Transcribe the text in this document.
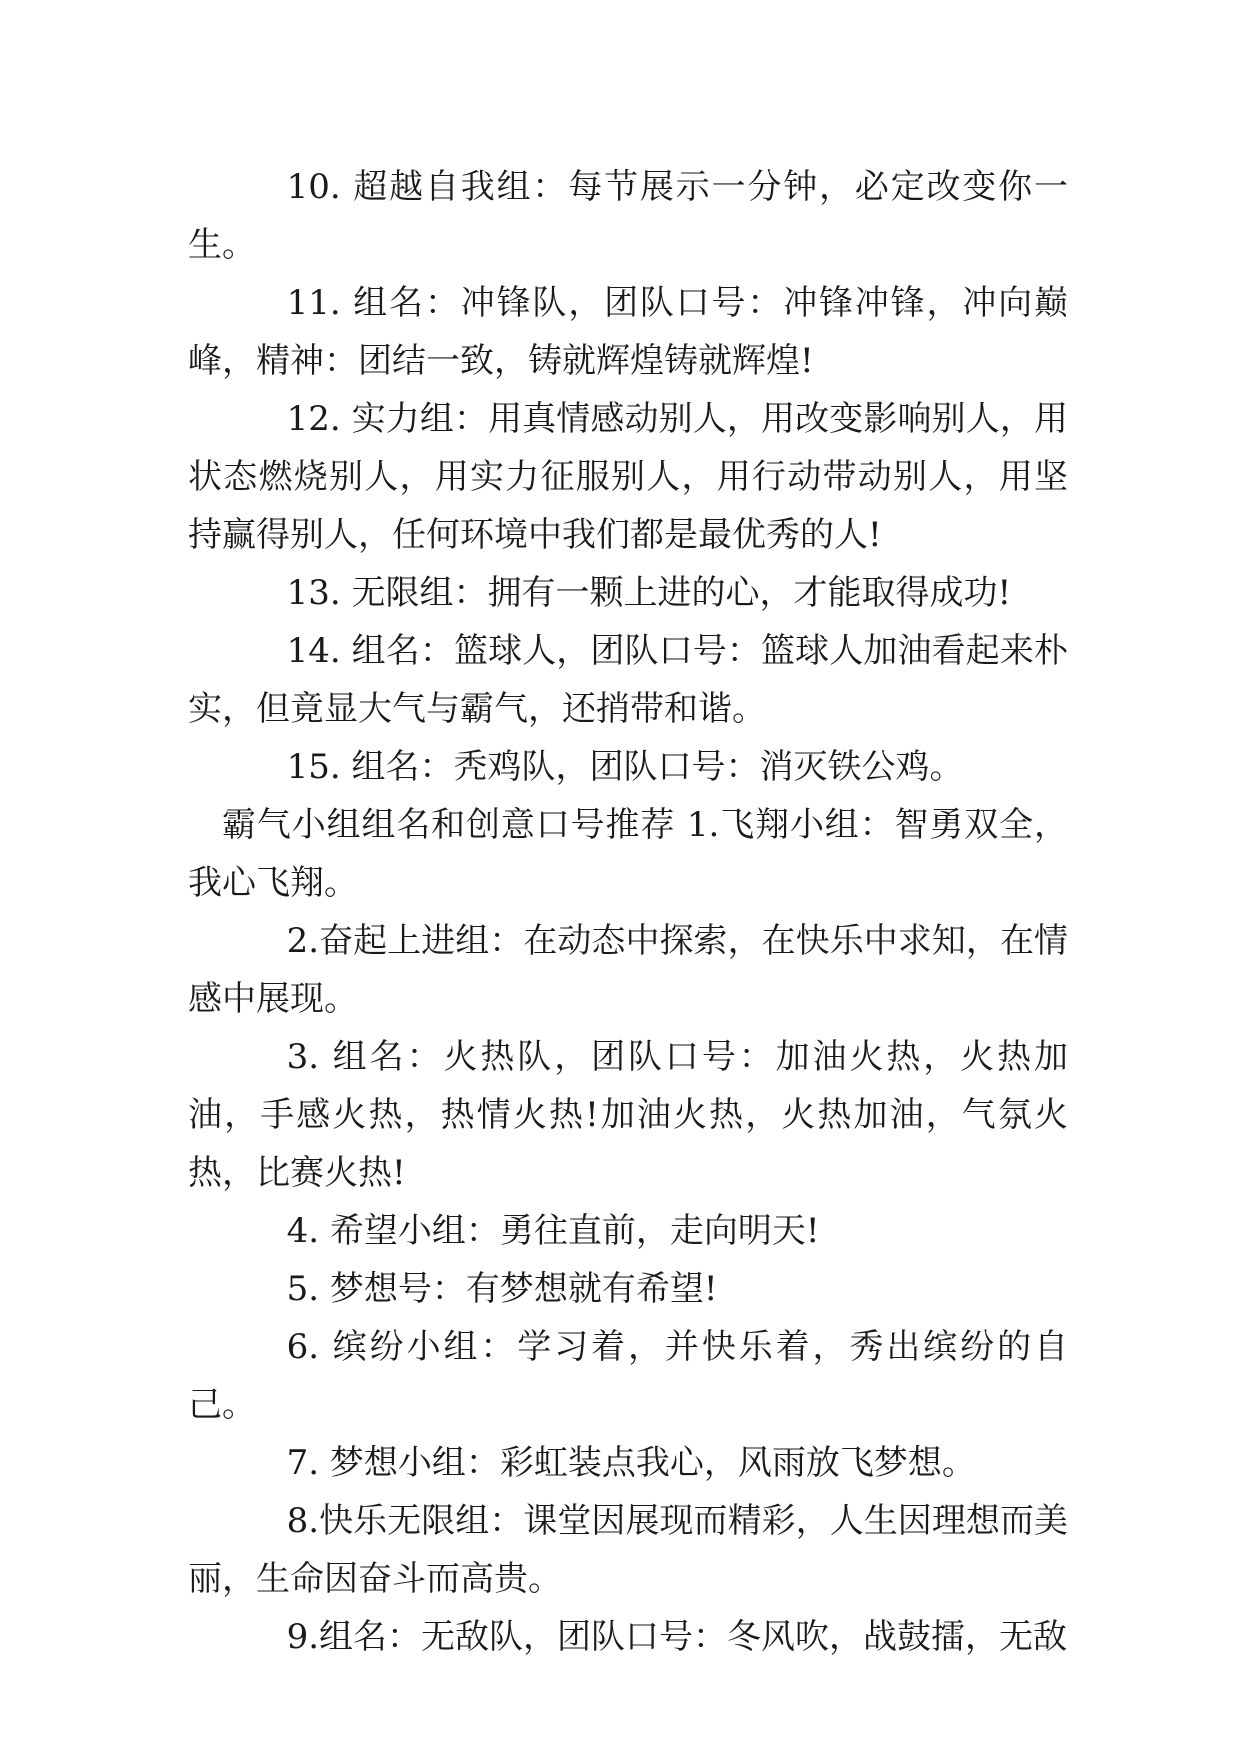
10. 超越自我组：每节展示一分钟，必定改变你一生。

11. 组名：冲锋队，团队口号：冲锋冲锋，冲向巅峰，精神：团结一致，铸就辉煌铸就辉煌!

12. 实力组：用真情感动别人，用改变影响别人，用状态燃烧别人，用实力征服别人，用行动带动别人，用坚持赢得别人，任何环境中我们都是最优秀的人!

13. 无限组：拥有一颗上进的心，才能取得成功!

14. 组名：篮球人，团队口号：篮球人加油看起来朴实，但竟显大气与霸气，还捎带和谐。

15. 组名：秃鸡队，团队口号：消灭铁公鸡。

霸气小组组名和创意口号推荐 1.飞翔小组：智勇双全，我心飞翔。

2.奋起上进组：在动态中探索，在快乐中求知，在情感中展现。

3. 组名：火热队，团队口号：加油火热，火热加油，手感火热，热情火热!加油火热，火热加油，气氛火热，比赛火热!

4. 希望小组：勇往直前，走向明天!

5. 梦想号：有梦想就有希望!

6. 缤纷小组：学习着，并快乐着，秀出缤纷的自己。

7. 梦想小组：彩虹装点我心，风雨放飞梦想。

8.快乐无限组：课堂因展现而精彩，人生因理想而美丽，生命因奋斗而高贵。

9.组名：无敌队，团队口号：冬风吹，战鼓擂，无敌
